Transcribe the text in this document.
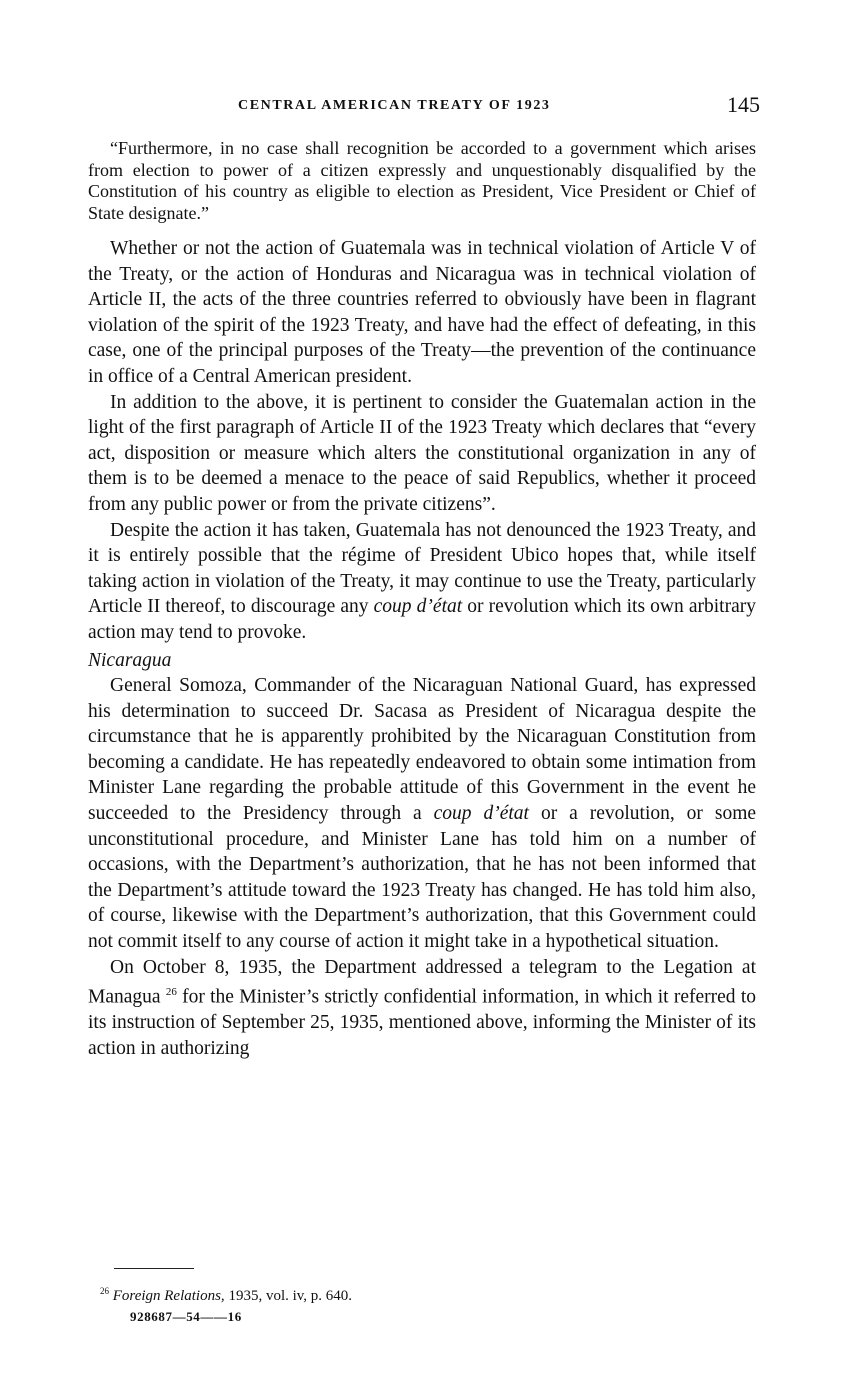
CENTRAL AMERICAN TREATY OF 1923	145

“Furthermore, in no case shall recognition be accorded to a government which arises from election to power of a citizen expressly and unquestionably disqualified by the Constitution of his country as eligible to election as President, Vice President or Chief of State designate.”

Whether or not the action of Guatemala was in technical violation of Article V of the Treaty, or the action of Honduras and Nicaragua was in technical violation of Article II, the acts of the three countries referred to obviously have been in flagrant violation of the spirit of the 1923 Treaty, and have had the effect of defeating, in this case, one of the principal purposes of the Treaty—the prevention of the continuance in office of a Central American president.

In addition to the above, it is pertinent to consider the Guatemalan action in the light of the first paragraph of Article II of the 1923 Treaty which declares that “every act, disposition or measure which alters the constitutional organization in any of them is to be deemed a menace to the peace of said Republics, whether it proceed from any public power or from the private citizens”.

Despite the action it has taken, Guatemala has not denounced the 1923 Treaty, and it is entirely possible that the régime of President Ubico hopes that, while itself taking action in violation of the Treaty, it may continue to use the Treaty, particularly Article II thereof, to discourage any coup d’état or revolution which its own arbitrary action may tend to provoke.

Nicaragua

General Somoza, Commander of the Nicaraguan National Guard, has expressed his determination to succeed Dr. Sacasa as President of Nicaragua despite the circumstance that he is apparently prohibited by the Nicaraguan Constitution from becoming a candidate. He has repeatedly endeavored to obtain some intimation from Minister Lane regarding the probable attitude of this Government in the event he succeeded to the Presidency through a coup d’état or a revolution, or some unconstitutional procedure, and Minister Lane has told him on a number of occasions, with the Department’s authorization, that he has not been informed that the Department’s attitude toward the 1923 Treaty has changed. He has told him also, of course, likewise with the Department’s authorization, that this Government could not commit itself to any course of action it might take in a hypothetical situation.

On October 8, 1935, the Department addressed a telegram to the Legation at Managua $^{26}$ for the Minister’s strictly confidential information, in which it referred to its instruction of September 25, 1935, mentioned above, informing the Minister of its action in authorizing

$^{26}$ Foreign Relations, 1935, vol. iv, p. 640.
928687—54——16
